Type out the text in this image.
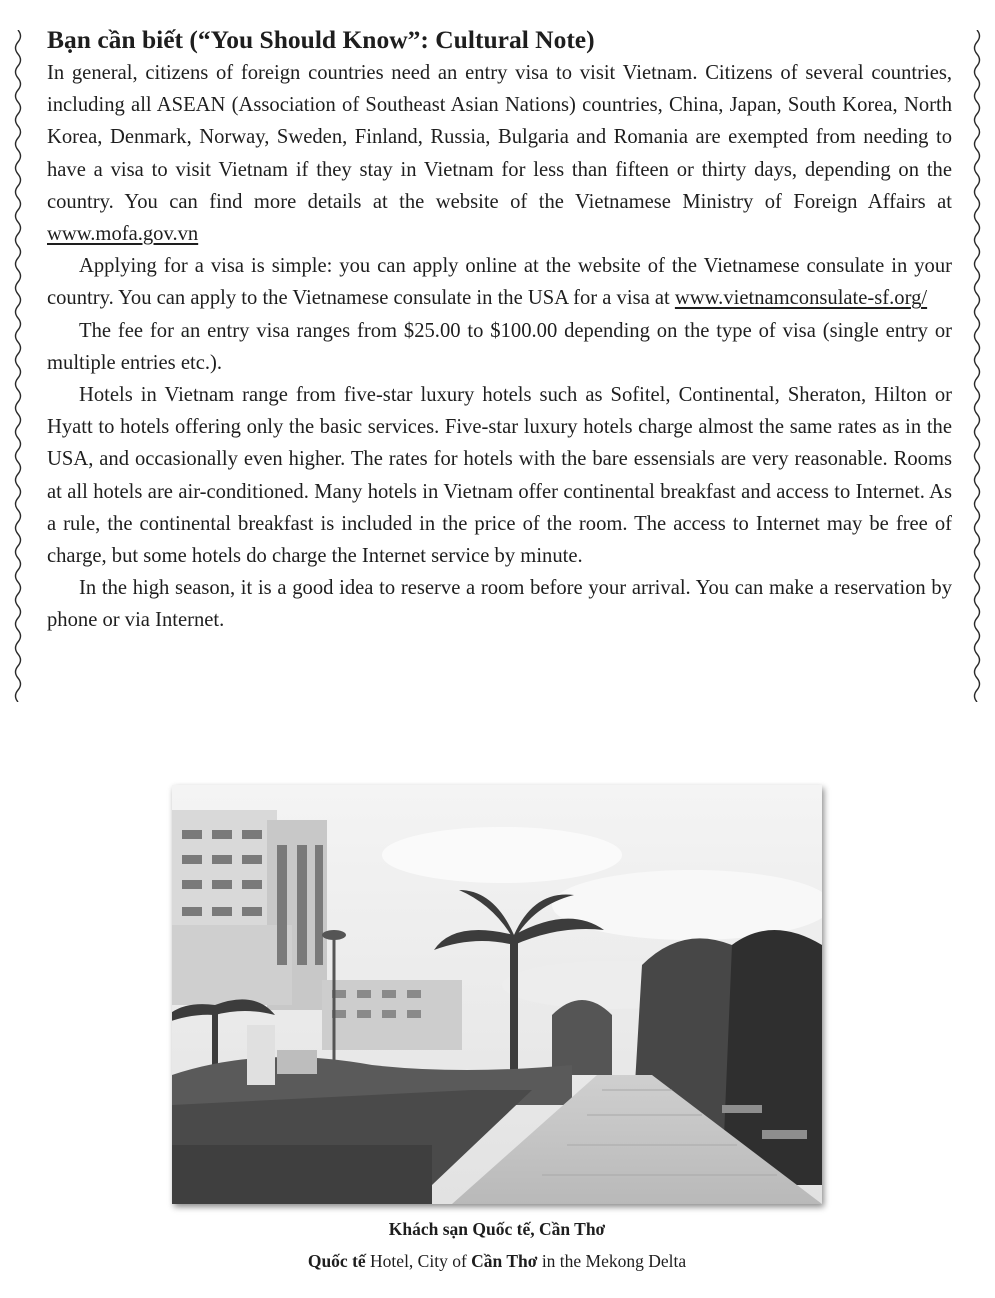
Bạn cần biết (“You Should Know”: Cultural Note)

In general, citizens of foreign countries need an entry visa to visit Vietnam. Citizens of several countries, including all ASEAN (Association of Southeast Asian Nations) countries, China, Japan, South Korea, North Korea, Denmark, Norway, Sweden, Finland, Russia, Bulgaria and Romania are exempted from needing to have a visa to visit Vietnam if they stay in Vietnam for less than fifteen or thirty days, depending on the country. You can find more details at the website of the Vietnamese Ministry of Foreign Affairs at www.mofa.gov.vn

Applying for a visa is simple: you can apply online at the website of the Vietnamese consulate in your country. You can apply to the Vietnamese consulate in the USA for a visa at www.vietnamconsulate-sf.org/

The fee for an entry visa ranges from $25.00 to $100.00 depending on the type of visa (single entry or multiple entries etc.).

Hotels in Vietnam range from five-star luxury hotels such as Sofitel, Continental, Sheraton, Hilton or Hyatt to hotels offering only the basic services. Five-star luxury hotels charge almost the same rates as in the USA, and occasionally even higher. The rates for hotels with the bare essensials are very reasonable. Rooms at all hotels are air-conditioned. Many hotels in Vietnam offer continental breakfast and access to Internet. As a rule, the continental breakfast is included in the price of the room. The access to Internet may be free of charge, but some hotels do charge the Internet service by minute.

In the high season, it is a good idea to reserve a room before your arrival. You can make a reservation by phone or via Internet.

Khách sạn Quốc tế, Cần Thơ

Quốc tế Hotel, City of Cần Thơ in the Mekong Delta
